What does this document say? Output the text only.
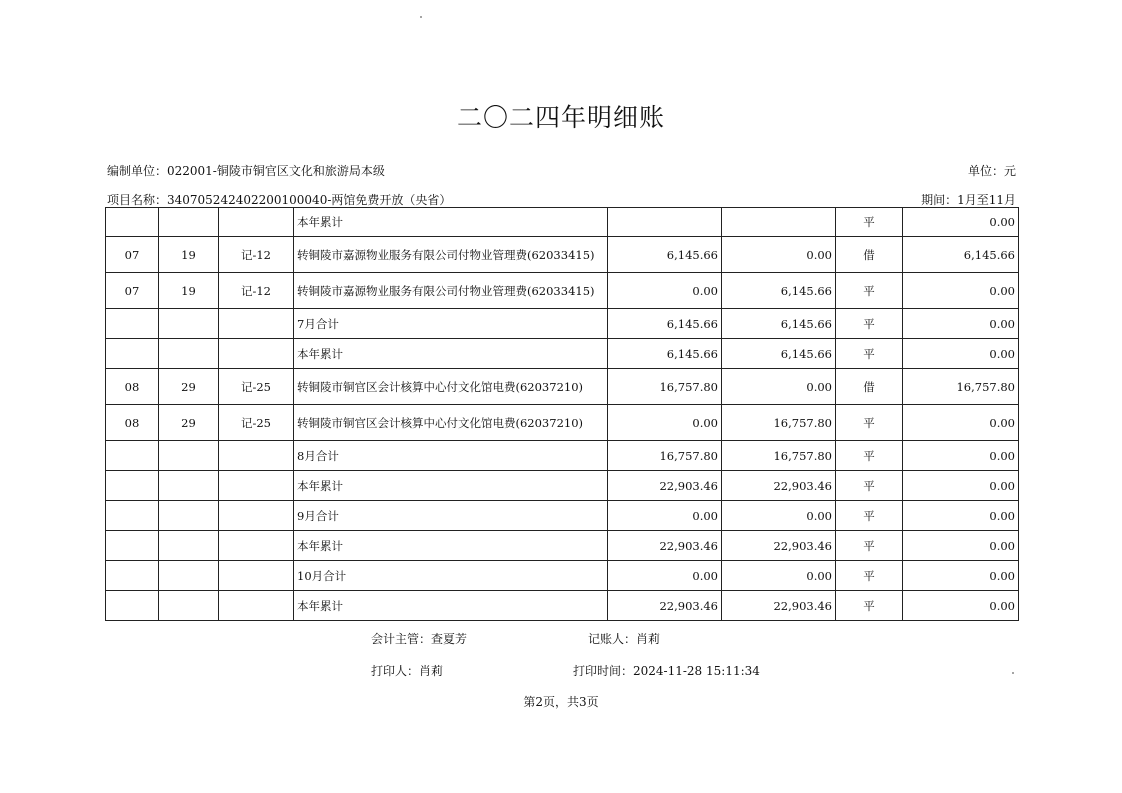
二〇二四年明细账
编制单位：022001-铜陵市铜官区文化和旅游局本级	单位：元
项目名称：340705242402200100040-两馆免费开放（央省）	期间：1月至11月
			本年累计			平	0.00
07	19	记-12	转铜陵市嘉源物业服务有限公司付物业管理费(62033415)	6,145.66	0.00	借	6,145.66
07	19	记-12	转铜陵市嘉源物业服务有限公司付物业管理费(62033415)	0.00	6,145.66	平	0.00
			7月合计	6,145.66	6,145.66	平	0.00
			本年累计	6,145.66	6,145.66	平	0.00
08	29	记-25	转铜陵市铜官区会计核算中心付文化馆电费(62037210)	16,757.80	0.00	借	16,757.80
08	29	记-25	转铜陵市铜官区会计核算中心付文化馆电费(62037210)	0.00	16,757.80	平	0.00
			8月合计	16,757.80	16,757.80	平	0.00
			本年累计	22,903.46	22,903.46	平	0.00
			9月合计	0.00	0.00	平	0.00
			本年累计	22,903.46	22,903.46	平	0.00
			10月合计	0.00	0.00	平	0.00
			本年累计	22,903.46	22,903.46	平	0.00
会计主管：查夏芳	记账人：肖莉
打印人：肖莉	打印时间：2024-11-28 15:11:34
第2页，共3页
